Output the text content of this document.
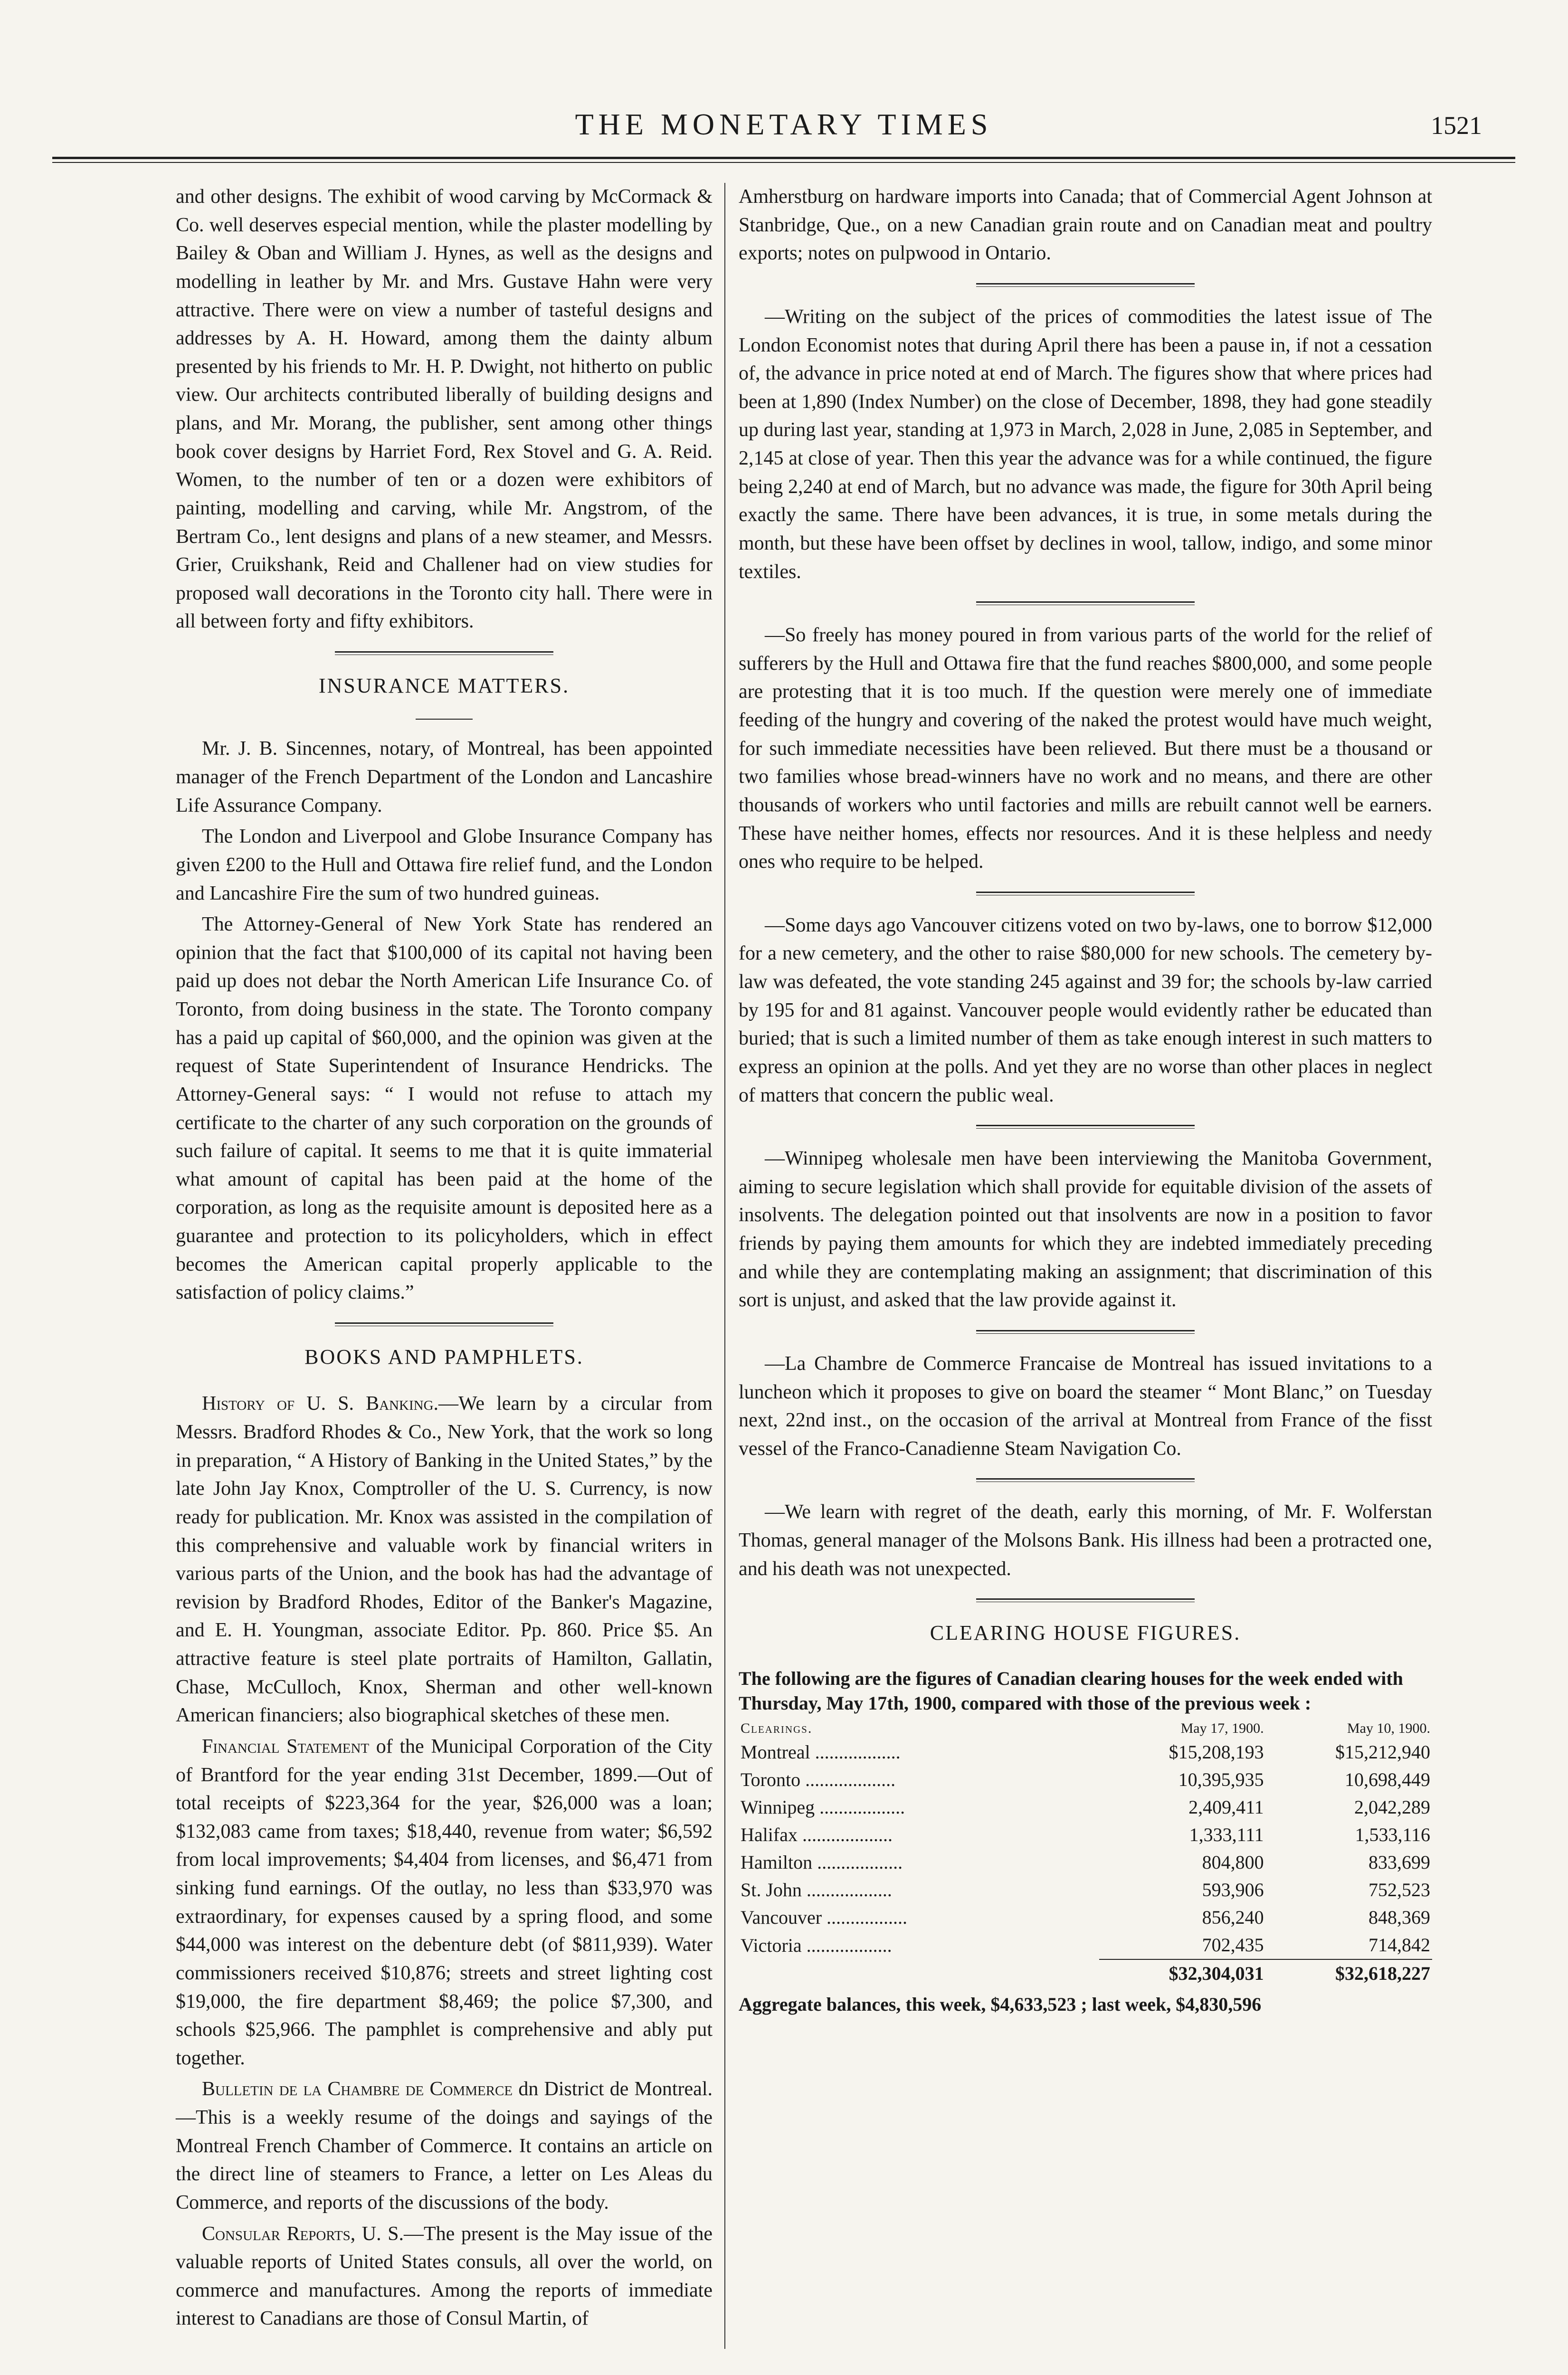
THE MONETARY TIMES	1521

and other designs. The exhibit of wood carving by McCormack & Co. well deserves especial mention, while the plaster modelling by Bailey & Oban and William J. Hynes, as well as the designs and modelling in leather by Mr. and Mrs. Gustave Hahn were very attractive. There were on view a number of tasteful designs and addresses by A. H. Howard, among them the dainty album presented by his friends to Mr. H. P. Dwight, not hitherto on public view. Our architects contributed liberally of building designs and plans, and Mr. Morang, the publisher, sent among other things book cover designs by Harriet Ford, Rex Stovel and G. A. Reid. Women, to the number of ten or a dozen were exhibitors of painting, modelling and carving, while Mr. Angstrom, of the Bertram Co., lent designs and plans of a new steamer, and Messrs. Grier, Cruikshank, Reid and Challener had on view studies for proposed wall decorations in the Toronto city hall. There were in all between forty and fifty exhibitors.

INSURANCE MATTERS.

Mr. J. B. Sincennes, notary, of Montreal, has been appointed manager of the French Department of the London and Lancashire Life Assurance Company.

The London and Liverpool and Globe Insurance Company has given £200 to the Hull and Ottawa fire relief fund, and the London and Lancashire Fire the sum of two hundred guineas.

The Attorney-General of New York State has rendered an opinion that the fact that $100,000 of its capital not having been paid up does not debar the North American Life Insurance Co. of Toronto, from doing business in the state. The Toronto company has a paid up capital of $60,000, and the opinion was given at the request of State Superintendent of Insurance Hendricks. The Attorney-General says: “ I would not refuse to attach my certificate to the charter of any such corporation on the grounds of such failure of capital. It seems to me that it is quite immaterial what amount of capital has been paid at the home of the corporation, as long as the requisite amount is deposited here as a guarantee and protection to its policyholders, which in effect becomes the American capital properly applicable to the satisfaction of policy claims.”

BOOKS AND PAMPHLETS.

History of U. S. Banking.—We learn by a circular from Messrs. Bradford Rhodes & Co., New York, that the work so long in preparation, “ A History of Banking in the United States,” by the late John Jay Knox, Comptroller of the U. S. Currency, is now ready for publication. Mr. Knox was assisted in the compilation of this comprehensive and valuable work by financial writers in various parts of the Union, and the book has had the advantage of revision by Bradford Rhodes, Editor of the Banker's Magazine, and E. H. Youngman, associate Editor. Pp. 860. Price $5. An attractive feature is steel plate portraits of Hamilton, Gallatin, Chase, McCulloch, Knox, Sherman and other well-known American financiers; also biographical sketches of these men.

Financial Statement of the Municipal Corporation of the City of Brantford for the year ending 31st December, 1899.—Out of total receipts of $223,364 for the year, $26,000 was a loan; $132,083 came from taxes; $18,440, revenue from water; $6,592 from local improvements; $4,404 from licenses, and $6,471 from sinking fund earnings. Of the outlay, no less than $33,970 was extraordinary, for expenses caused by a spring flood, and some $44,000 was interest on the debenture debt (of $811,939). Water commissioners received $10,876; streets and street lighting cost $19,000, the fire department $8,469; the police $7,300, and schools $25,966. The pamphlet is comprehensive and ably put together.

Bulletin de la Chambre de Commerce dn District de Montreal.—This is a weekly resume of the doings and sayings of the Montreal French Chamber of Commerce. It contains an article on the direct line of steamers to France, a letter on Les Aleas du Commerce, and reports of the discussions of the body.

Consular Reports, U. S.—The present is the May issue of the valuable reports of United States consuls, all over the world, on commerce and manufactures. Among the reports of immediate interest to Canadians are those of Consul Martin, of

Amherstburg on hardware imports into Canada; that of Commercial Agent Johnson at Stanbridge, Que., on a new Canadian grain route and on Canadian meat and poultry exports; notes on pulpwood in Ontario.

—Writing on the subject of the prices of commodities the latest issue of The London Economist notes that during April there has been a pause in, if not a cessation of, the advance in price noted at end of March. The figures show that where prices had been at 1,890 (Index Number) on the close of December, 1898, they had gone steadily up during last year, standing at 1,973 in March, 2,028 in June, 2,085 in September, and 2,145 at close of year. Then this year the advance was for a while continued, the figure being 2,240 at end of March, but no advance was made, the figure for 30th April being exactly the same. There have been advances, it is true, in some metals during the month, but these have been offset by declines in wool, tallow, indigo, and some minor textiles.

—So freely has money poured in from various parts of the world for the relief of sufferers by the Hull and Ottawa fire that the fund reaches $800,000, and some people are protesting that it is too much. If the question were merely one of immediate feeding of the hungry and covering of the naked the protest would have much weight, for such immediate necessities have been relieved. But there must be a thousand or two families whose bread-winners have no work and no means, and there are other thousands of workers who until factories and mills are rebuilt cannot well be earners. These have neither homes, effects nor resources. And it is these helpless and needy ones who require to be helped.

—Some days ago Vancouver citizens voted on two by-laws, one to borrow $12,000 for a new cemetery, and the other to raise $80,000 for new schools. The cemetery by-law was defeated, the vote standing 245 against and 39 for; the schools by-law carried by 195 for and 81 against. Vancouver people would evidently rather be educated than buried; that is such a limited number of them as take enough interest in such matters to express an opinion at the polls. And yet they are no worse than other places in neglect of matters that concern the public weal.

—Winnipeg wholesale men have been interviewing the Manitoba Government, aiming to secure legislation which shall provide for equitable division of the assets of insolvents. The delegation pointed out that insolvents are now in a position to favor friends by paying them amounts for which they are indebted immediately preceding and while they are contemplating making an assignment; that discrimination of this sort is unjust, and asked that the law provide against it.

—La Chambre de Commerce Francaise de Montreal has issued invitations to a luncheon which it proposes to give on board the steamer “ Mont Blanc,” on Tuesday next, 22nd inst., on the occasion of the arrival at Montreal from France of the fisst vessel of the Franco-Canadienne Steam Navigation Co.

—We learn with regret of the death, early this morning, of Mr. F. Wolferstan Thomas, general manager of the Molsons Bank. His illness had been a protracted one, and his death was not unexpected.

CLEARING HOUSE FIGURES.
The following are the figures of Canadian clearing houses for the week ended with Thursday, May 17th, 1900, compared with those of the previous week :
Clearings.	May 17, 1900.	May 10, 1900.
Montreal ..................	$15,208,193	$15,212,940
Toronto ...................	10,395,935	10,698,449
Winnipeg ..................	2,409,411	2,042,289
Halifax ...................	1,333,111	1,533,116
Hamilton ..................	804,800	833,699
St. John ..................	593,906	752,523
Vancouver .................	856,240	848,369
Victoria ..................	702,435	714,842
	$32,304,031	$32,618,227
Aggregate balances, this week, $4,633,523 ; last week, $4,830,596
